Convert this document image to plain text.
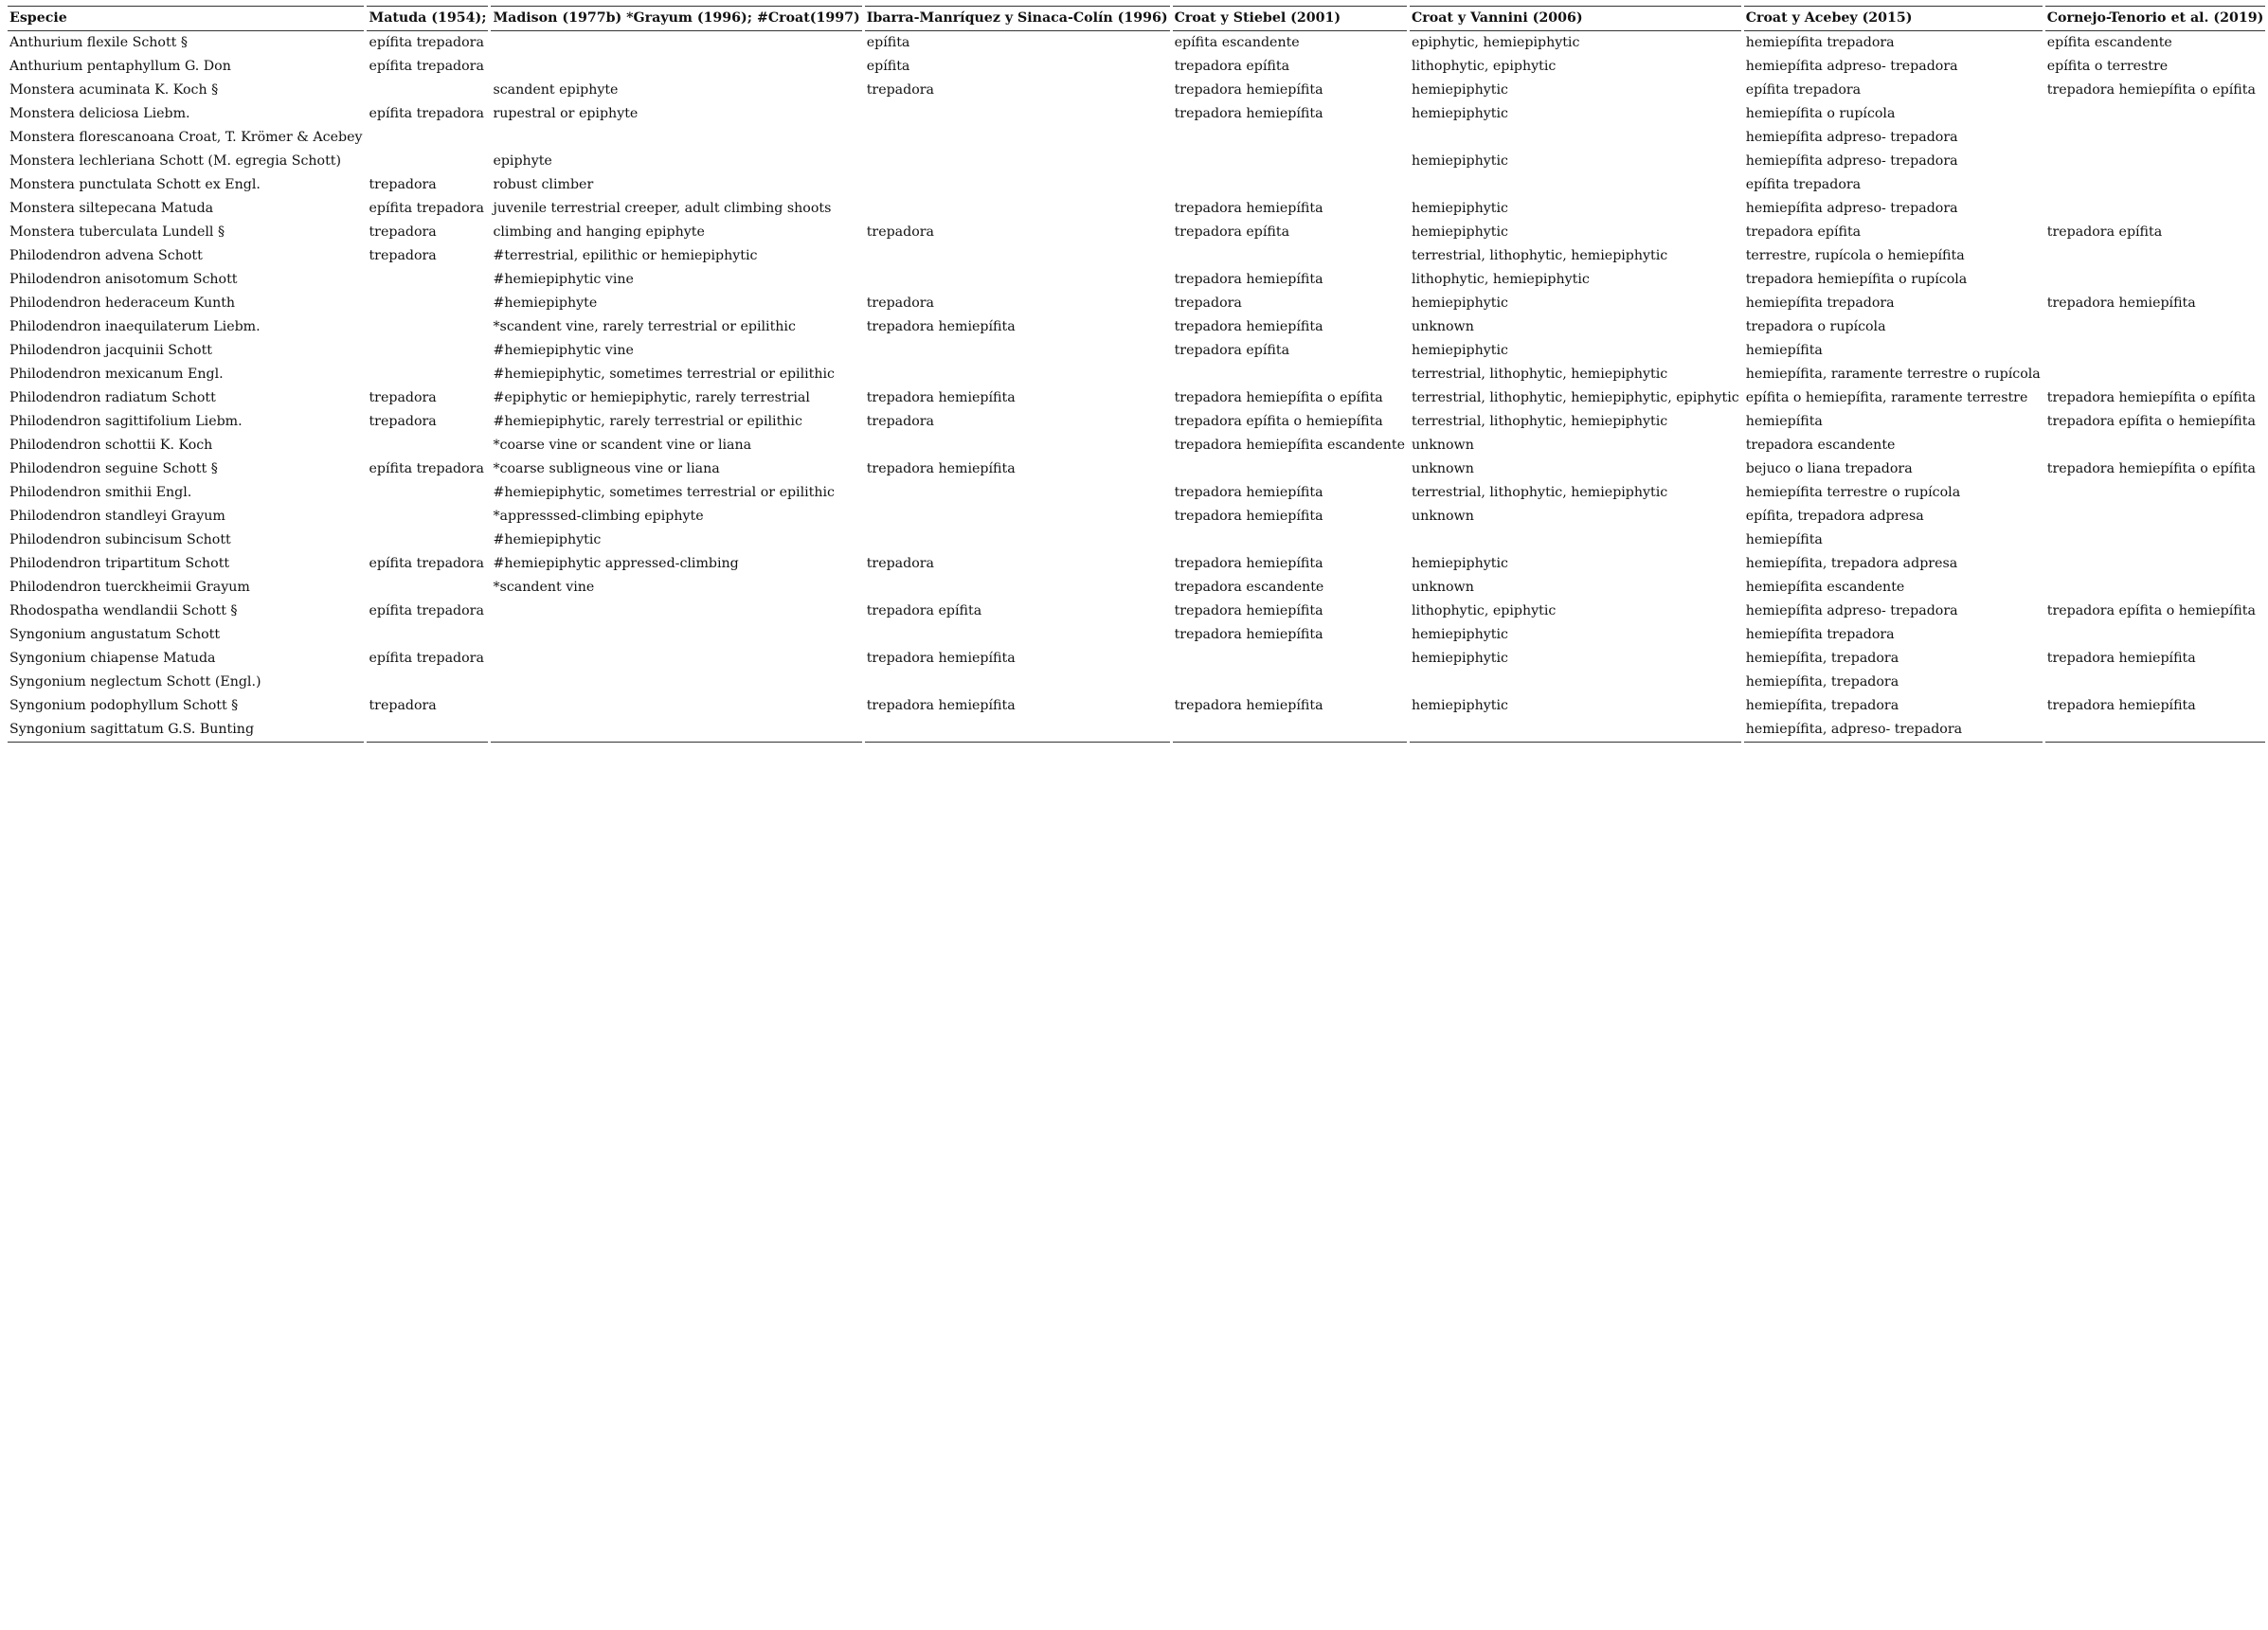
Especie	Matuda (1954);	Madison (1977b) *Grayum (1996); #Croat(1997)	Ibarra-Manríquez y Sinaca-Colín (1996)	Croat y Stiebel (2001)	Croat y Vannini (2006)	Croat y Acebey (2015)	Cornejo-Tenorio et al. (2019)
Anthurium flexile Schott §	epífita trepadora		epífita	epífita escandente	epiphytic, hemiepiphytic	hemiepífita trepadora	epífita escandente
Anthurium pentaphyllum G. Don	epífita trepadora		epífita	trepadora epífita	lithophytic, epiphytic	hemiepífita adpreso- trepadora	epífita o terrestre
Monstera acuminata K. Koch §		scandent epiphyte	trepadora	trepadora hemiepífita	hemiepiphytic	epífita trepadora	trepadora hemiepífita o epífita
Monstera deliciosa Liebm.	epífita trepadora	rupestral or epiphyte		trepadora hemiepífita	hemiepiphytic	hemiepífita o rupícola	
Monstera florescanoana Croat, T. Krömer & Acebey						hemiepífita adpreso- trepadora	
Monstera lechleriana Schott (M. egregia Schott)		epiphyte			hemiepiphytic	hemiepífita adpreso- trepadora	
Monstera punctulata Schott ex Engl.	trepadora	robust climber				epífita trepadora	
Monstera siltepecana Matuda	epífita trepadora	juvenile terrestrial creeper, adult climbing shoots		trepadora hemiepífita	hemiepiphytic	hemiepífita adpreso- trepadora	
Monstera tuberculata Lundell §	trepadora	climbing and hanging epiphyte	trepadora	trepadora epífita	hemiepiphytic	trepadora epífita	trepadora epífita
Philodendron advena Schott	trepadora	#terrestrial, epilithic or hemiepiphytic			terrestrial, lithophytic, hemiepiphytic	terrestre, rupícola o hemiepífita	
Philodendron anisotomum Schott		#hemiepiphytic vine		trepadora hemiepífita	lithophytic, hemiepiphytic	trepadora hemiepífita o rupícola	
Philodendron hederaceum Kunth		#hemiepiphyte	trepadora	trepadora	hemiepiphytic	hemiepífita trepadora	trepadora hemiepífita
Philodendron inaequilaterum Liebm.		*scandent vine, rarely terrestrial or epilithic	trepadora hemiepífita	trepadora hemiepífita	unknown	trepadora o rupícola	
Philodendron jacquinii Schott		#hemiepiphytic vine		trepadora epífita	hemiepiphytic	hemiepífita	
Philodendron mexicanum Engl.		#hemiepiphytic, sometimes terrestrial or epilithic			terrestrial, lithophytic, hemiepiphytic	hemiepífita, raramente terrestre o rupícola	
Philodendron radiatum Schott	trepadora	#epiphytic or hemiepiphytic, rarely terrestrial	trepadora hemiepífita	trepadora hemiepífita o epífita	terrestrial, lithophytic, hemiepiphytic, epiphytic	epífita o hemiepífita, raramente terrestre	trepadora hemiepífita o epífita
Philodendron sagittifolium Liebm.	trepadora	#hemiepiphytic, rarely terrestrial or epilithic	trepadora	trepadora epífita o hemiepífita	terrestrial, lithophytic, hemiepiphytic	hemiepífita	trepadora epífita o hemiepífita
Philodendron schottii K. Koch		*coarse vine or scandent vine or liana		trepadora hemiepífita escandente	unknown	trepadora escandente	
Philodendron seguine Schott §	epífita trepadora	*coarse subligneous vine or liana	trepadora hemiepífita		unknown	bejuco o liana trepadora	trepadora hemiepífita o epífita
Philodendron smithii Engl.		#hemiepiphytic, sometimes terrestrial or epilithic		trepadora hemiepífita	terrestrial, lithophytic, hemiepiphytic	hemiepífita terrestre o rupícola	
Philodendron standleyi Grayum		*appresssed-climbing epiphyte		trepadora hemiepífita	unknown	epífita, trepadora adpresa	
Philodendron subincisum Schott		#hemiepiphytic				hemiepífita	
Philodendron tripartitum Schott	epífita trepadora	#hemiepiphytic appressed-climbing	trepadora	trepadora hemiepífita	hemiepiphytic	hemiepífita, trepadora adpresa	
Philodendron tuerckheimii Grayum		*scandent vine		trepadora escandente	unknown	hemiepífita escandente	
Rhodospatha wendlandii Schott §	epífita trepadora		trepadora epífita	trepadora hemiepífita	lithophytic, epiphytic	hemiepífita adpreso- trepadora	trepadora epífita o hemiepífita
Syngonium angustatum Schott				trepadora hemiepífita	hemiepiphytic	hemiepífita trepadora	
Syngonium chiapense Matuda	epífita trepadora		trepadora hemiepífita		hemiepiphytic	hemiepífita, trepadora	trepadora hemiepífita
Syngonium neglectum Schott (Engl.)						hemiepífita, trepadora	
Syngonium podophyllum Schott §	trepadora		trepadora hemiepífita	trepadora hemiepífita	hemiepiphytic	hemiepífita, trepadora	trepadora hemiepífita
Syngonium sagittatum G.S. Bunting						hemiepífita, adpreso- trepadora	
